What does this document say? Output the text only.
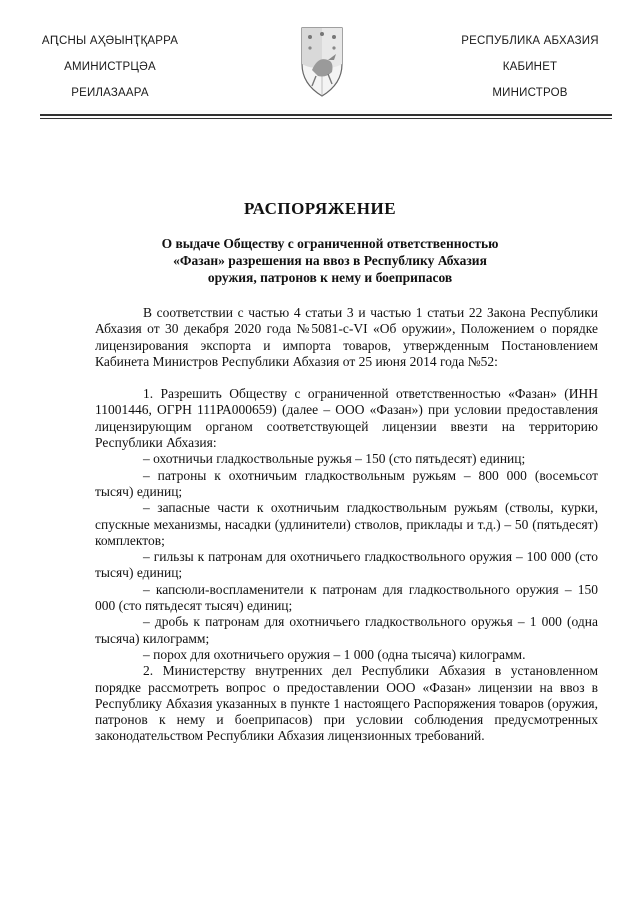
АԤСНЫ АҲӘЫНҬҚАРРА
АМИНИСТРЦӘА
РЕИЛАЗААРА
РЕСПУБЛИКА АБХАЗИЯ
КАБИНЕТ
МИНИСТРОВ
РАСПОРЯЖЕНИЕ
О выдаче Обществу с ограниченной ответственностью
«Фазан» разрешения на ввоз в Республику Абхазия
оружия, патронов к нему и боеприпасов

В соответствии с частью 4 статьи 3 и частью 1 статьи 22 Закона Республики Абхазия от 30 декабря 2020 года №5081-с-VI «Об оружии», Положением о порядке лицензирования экспорта и импорта товаров, утвержденным Постановлением Кабинета Министров Республики Абхазия от 25 июня 2014 года №52:

1. Разрешить Обществу с ограниченной ответственностью «Фазан» (ИНН 11001446, ОГРН 111РА000659) (далее – ООО «Фазан») при условии предоставления лицензирующим органом соответствующей лицензии ввезти на территорию Республики Абхазия:

– охотничьи гладкоствольные ружья – 150 (сто пятьдесят) единиц;

– патроны к охотничьим гладкоствольным ружьям – 800 000 (восемьсот тысяч) единиц;

– запасные части к охотничьим гладкоствольным ружьям (стволы, курки, спускные механизмы, насадки (удлинители) стволов, приклады и т.д.) – 50 (пятьдесят) комплектов;

– гильзы к патронам для охотничьего гладкоствольного оружия – 100 000 (сто тысяч) единиц;

– капсюли-воспламенители к патронам для гладкоствольного оружия – 150 000 (сто пятьдесят тысяч) единиц;

– дробь к патронам для охотничьего гладкоствольного оружья – 1 000 (одна тысяча) килограмм;

– порох для охотничьего оружия – 1 000 (одна тысяча) килограмм.

2. Министерству внутренних дел Республики Абхазия в установленном порядке рассмотреть вопрос о предоставлении ООО «Фазан» лицензии на ввоз в Республику Абхазия указанных в пункте 1 настоящего Распоряжения товаров (оружия, патронов к нему и боеприпасов) при условии соблюдения предусмотренных законодательством Республики Абхазия лицензионных требований.
